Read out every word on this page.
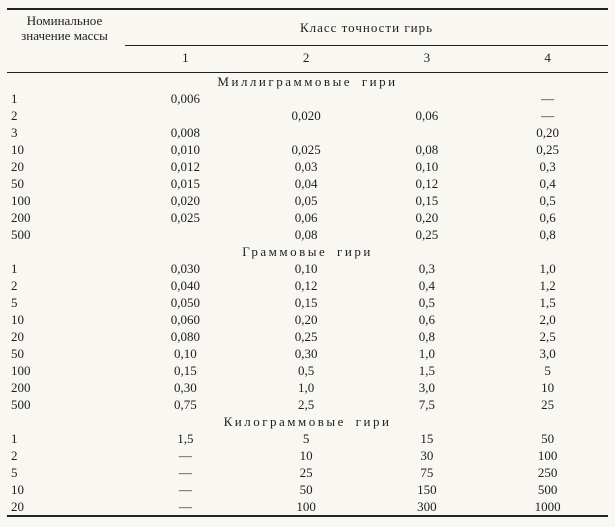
Номинальное значение массы	Класс точности гирь			
	1	2	3	4
Миллиграммовые гири				
1	0,006			—
2		0,020	0,06	—
3	0,008			0,20
10	0,010	0,025	0,08	0,25
20	0,012	0,03	0,10	0,3
50	0,015	0,04	0,12	0,4
100	0,020	0,05	0,15	0,5
200	0,025	0,06	0,20	0,6
500		0,08	0,25	0,8
Граммовые гири				
1	0,030	0,10	0,3	1,0
2	0,040	0,12	0,4	1,2
5	0,050	0,15	0,5	1,5
10	0,060	0,20	0,6	2,0
20	0,080	0,25	0,8	2,5
50	0,10	0,30	1,0	3,0
100	0,15	0,5	1,5	5
200	0,30	1,0	3,0	10
500	0,75	2,5	7,5	25
Килограммовые гири				
1	1,5	5	15	50
2	—	10	30	100
5	—	25	75	250
10	—	50	150	500
20	—	100	300	1000
